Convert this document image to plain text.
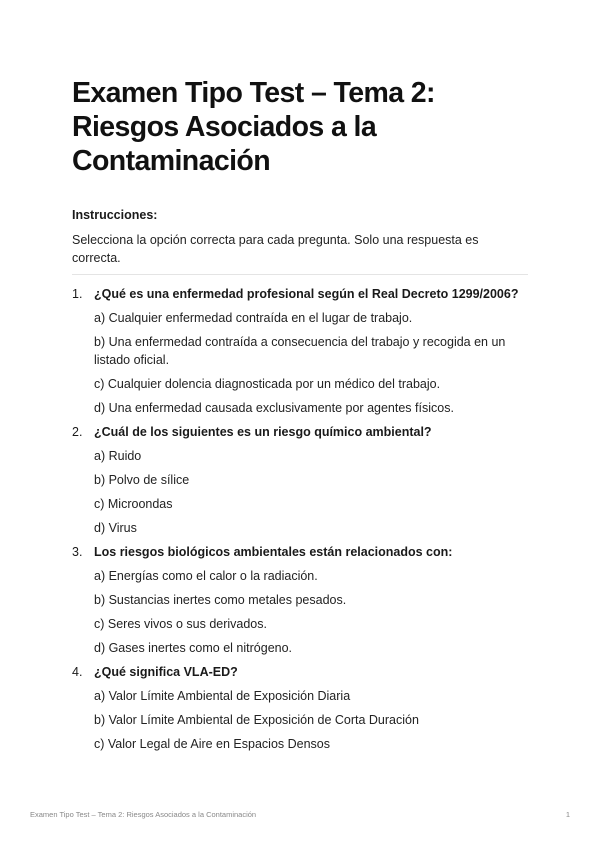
Examen Tipo Test – Tema 2: Riesgos Asociados a la Contaminación
Instrucciones:
Selecciona la opción correcta para cada pregunta. Solo una respuesta es correcta.
1. ¿Qué es una enfermedad profesional según el Real Decreto 1299/2006?
a) Cualquier enfermedad contraída en el lugar de trabajo.
b) Una enfermedad contraída a consecuencia del trabajo y recogida en un listado oficial.
c) Cualquier dolencia diagnosticada por un médico del trabajo.
d) Una enfermedad causada exclusivamente por agentes físicos.
2. ¿Cuál de los siguientes es un riesgo químico ambiental?
a) Ruido
b) Polvo de sílice
c) Microondas
d) Virus
3. Los riesgos biológicos ambientales están relacionados con:
a) Energías como el calor o la radiación.
b) Sustancias inertes como metales pesados.
c) Seres vivos o sus derivados.
d) Gases inertes como el nitrógeno.
4. ¿Qué significa VLA-ED?
a) Valor Límite Ambiental de Exposición Diaria
b) Valor Límite Ambiental de Exposición de Corta Duración
c) Valor Legal de Aire en Espacios Densos
Examen Tipo Test – Tema 2: Riesgos Asociados a la Contaminación	1
